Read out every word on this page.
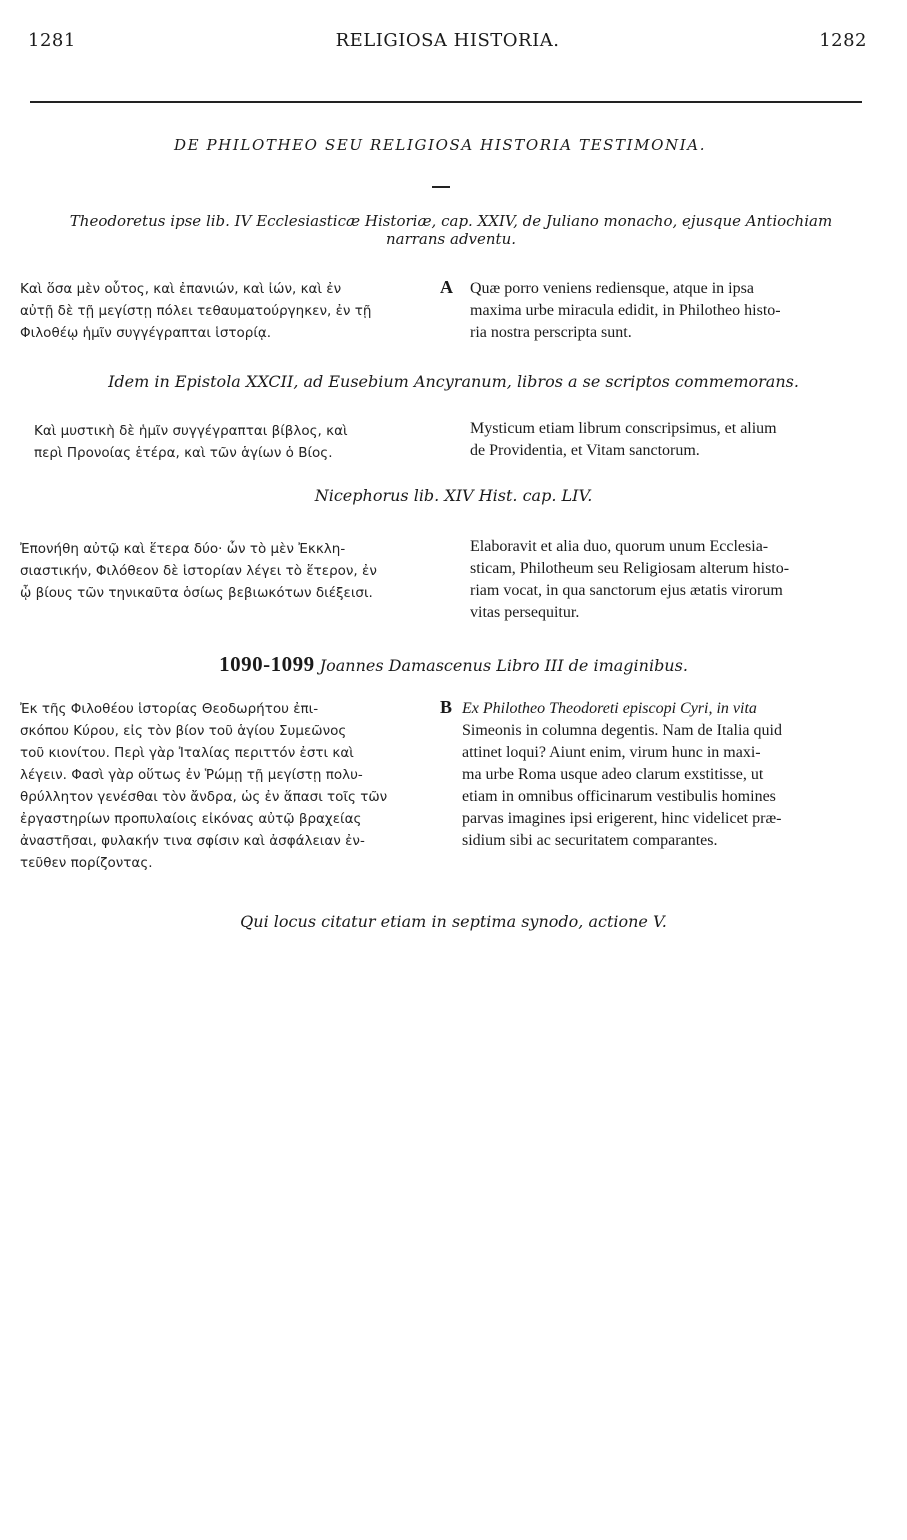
1281	RELIGIOSA HISTORIA.	1282
DE PHILOTHEO SEU RELIGIOSA HISTORIA TESTIMONIA.
Theodoretus ipse lib. IV Ecclesiasticæ Historiæ, cap. XXIV, de Juliano monacho, ejusque Antiochiam narrans adventu.
Καὶ ὅσα μὲν οὗτος, καὶ ἐπανιών, καὶ ἰών, καὶ ἐν
αὐτῇ δὲ τῇ μεγίστῃ πόλει τεθαυματούργηκεν, ἐν τῇ
Φιλοθέῳ ἡμῖν συγγέγραπται ἱστορίᾳ.
A Quæ porro veniens rediensque, atque in ipsa
maxima urbe miracula edidit, in Philotheo histo-
ria nostra perscripta sunt.
Idem in Epistola XXCII, ad Eusebium Ancyranum, libros a se scriptos commemorans.
Καὶ μυστικὴ δὲ ἡμῖν συγγέγραπται βίβλος, καὶ
περὶ Προνοίας ἑτέρα, καὶ τῶν ἁγίων ὁ Βίος.
Mysticum etiam librum conscripsimus, et alium
de Providentia, et Vitam sanctorum.
Nicephorus lib. XIV Hist. cap. LIV.
Ἐπονήθη αὐτῷ καὶ ἕτερα δύο· ὧν τὸ μὲν Ἐκκλη-
σιαστικήν, Φιλόθεον δὲ ἱστορίαν λέγει τὸ ἕτερον, ἐν
ᾧ βίους τῶν τηνικαῦτα ὁσίως βεβιωκότων διέξεισι.
Elaboravit et alia duo, quorum unum Ecclesia-
sticam, Philotheum seu Religiosam alterum histo-
riam vocat, in qua sanctorum ejus ætatis virorum
vitas persequitur.
1090-1099 Joannes Damascenus Libro III de imaginibus.
Ἐκ τῆς Φιλοθέου ἱστορίας Θεοδωρήτου ἐπι-
σκόπου Κύρου, εἰς τὸν βίον τοῦ ἁγίου Συμεῶνος
τοῦ κιονίτου. Περὶ γὰρ Ἰταλίας περιττόν ἐστι καὶ
λέγειν. Φασὶ γὰρ οὕτως ἐν Ῥώμῃ τῇ μεγίστῃ πολυ-
θρύλλητον γενέσθαι τὸν ἄνδρα, ὡς ἐν ἅπασι τοῖς τῶν
ἐργαστηρίων προπυλαίοις εἰκόνας αὐτῷ βραχείας
ἀναστῆσαι, φυλακήν τινα σφίσιν καὶ ἀσφάλειαν ἐν-
τεῦθεν πορίζοντας.
B Ex Philotheo Theodoreti episcopi Cyri, in vita
Simeonis in columna degentis. Nam de Italia quid
attinet loqui? Aiunt enim, virum hunc in maxi-
ma urbe Roma usque adeo clarum exstitisse, ut
etiam in omnibus officinarum vestibulis homines
parvas imagines ipsi erigerent, hinc videlicet præ-
sidium sibi ac securitatem comparantes.
Qui locus citatur etiam in septima synodo, actione V.
